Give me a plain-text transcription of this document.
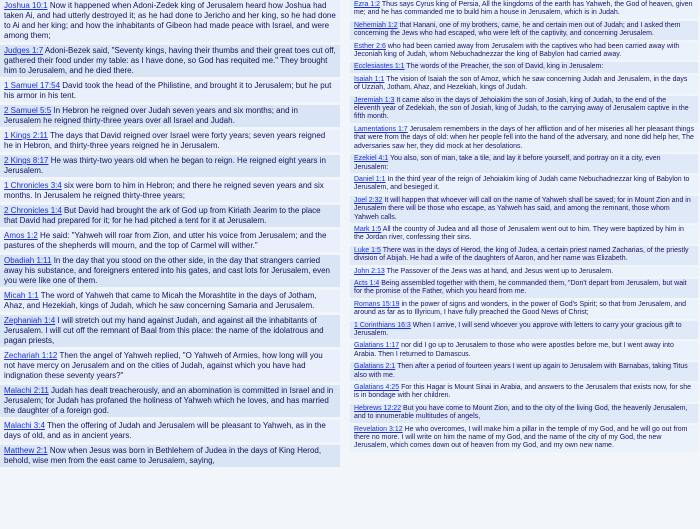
Joshua 10:1 Now it happened when Adoni-Zedek king of Jerusalem heard how Joshua had taken Ai, and had utterly destroyed it; as he had done to Jericho and her king, so he had done to Ai and her king; and how the inhabitants of Gibeon had made peace with Israel, and were among them;
Judges 1:7 Adoni-Bezek said, "Seventy kings, having their thumbs and their great toes cut off, gathered their food under my table: as I have done, so God has requited me." They brought him to Jerusalem, and he died there.
1 Samuel 17:54 David took the head of the Philistine, and brought it to Jerusalem; but he put his armor in his tent.
2 Samuel 5:5 In Hebron he reigned over Judah seven years and six months; and in Jerusalem he reigned thirty-three years over all Israel and Judah.
1 Kings 2:11 The days that David reigned over Israel were forty years; seven years reigned he in Hebron, and thirty-three years reigned he in Jerusalem.
2 Kings 8:17 He was thirty-two years old when he began to reign. He reigned eight years in Jerusalem.
1 Chronicles 3:4 six were born to him in Hebron; and there he reigned seven years and six months. In Jerusalem he reigned thirty-three years;
2 Chronicles 1:4 But David had brought the ark of God up from Kiriath Jearim to the place that David had prepared for it; for he had pitched a tent for it at Jerusalem.
Amos 1:2 He said: "Yahweh will roar from Zion, and utter his voice from Jerusalem; and the pastures of the shepherds will mourn, and the top of Carmel will wither."
Obadiah 1:11 In the day that you stood on the other side, in the day that strangers carried away his substance, and foreigners entered into his gates, and cast lots for Jerusalem, even you were like one of them.
Micah 1:1 The word of Yahweh that came to Micah the Morashtite in the days of Jotham, Ahaz, and Hezekiah, kings of Judah, which he saw concerning Samaria and Jerusalem.
Zephaniah 1:4 I will stretch out my hand against Judah, and against all the inhabitants of Jerusalem. I will cut off the remnant of Baal from this place: the name of the idolatrous and pagan priests,
Zechariah 1:12 Then the angel of Yahweh replied, "O Yahweh of Armies, how long will you not have mercy on Jerusalem and on the cities of Judah, against which you have had indignation these seventy years?"
Malachi 2:11 Judah has dealt treacherously, and an abomination is committed in Israel and in Jerusalem; for Judah has profaned the holiness of Yahweh which he loves, and has married the daughter of a foreign god.
Malachi 3:4 Then the offering of Judah and Jerusalem will be pleasant to Yahweh, as in the days of old, and as in ancient years.
Matthew 2:1 Now when Jesus was born in Bethlehem of Judea in the days of King Herod, behold, wise men from the east came to Jerusalem, saying,
Ezra 1:2 Thus says Cyrus king of Persia, All the kingdoms of the earth has Yahweh, the God of heaven, given me; and he has commanded me to build him a house in Jerusalem, which is in Judah.
Nehemiah 1:2 that Hanani, one of my brothers, came, he and certain men out of Judah; and I asked them concerning the Jews who had escaped, who were left of the captivity, and concerning Jerusalem.
Esther 2:6 who had been carried away from Jerusalem with the captives who had been carried away with Jeconiah king of Judah, whom Nebuchadnezzar the king of Babylon had carried away.
Ecclesiastes 1:1 The words of the Preacher, the son of David, king in Jerusalem:
Isaiah 1:1 The vision of Isaiah the son of Amoz, which he saw concerning Judah and Jerusalem, in the days of Uzziah, Jotham, Ahaz, and Hezekiah, kings of Judah.
Jeremiah 1:3 It came also in the days of Jehoiakim the son of Josiah, king of Judah, to the end of the eleventh year of Zedekiah, the son of Josiah, king of Judah, to the carrying away of Jerusalem captive in the fifth month.
Lamentations 1:7 Jerusalem remembers in the days of her affliction and of her miseries all her pleasant things that were from the days of old: when her people fell into the hand of the adversary, and none did help her, The adversaries saw her, they did mock at her desolations.
Ezekiel 4:1 You also, son of man, take a tile, and lay it before yourself, and portray on it a city, even Jerusalem:
Daniel 1:1 In the third year of the reign of Jehoiakim king of Judah came Nebuchadnezzar king of Babylon to Jerusalem, and besieged it.
Joel 2:32 It will happen that whoever will call on the name of Yahweh shall be saved; for in Mount Zion and in Jerusalem there will be those who escape, as Yahweh has said, and among the remnant, those whom Yahweh calls.
Mark 1:5 All the country of Judea and all those of Jerusalem went out to him. They were baptized by him in the Jordan river, confessing their sins.
Luke 1:5 There was in the days of Herod, the king of Judea, a certain priest named Zacharias, of the priestly division of Abijah. He had a wife of the daughters of Aaron, and her name was Elizabeth.
John 2:13 The Passover of the Jews was at hand, and Jesus went up to Jerusalem.
Acts 1:4 Being assembled together with them, he commanded them, "Don't depart from Jerusalem, but wait for the promise of the Father, which you heard from me.
Romans 15:19 in the power of signs and wonders, in the power of God's Spirit; so that from Jerusalem, and around as far as to Illyricum, I have fully preached the Good News of Christ;
1 Corinthians 16:3 When I arrive, I will send whoever you approve with letters to carry your gracious gift to Jerusalem.
Galatians 1:17 nor did I go up to Jerusalem to those who were apostles before me, but I went away into Arabia. Then I returned to Damascus.
Galatians 2:1 Then after a period of fourteen years I went up again to Jerusalem with Barnabas, taking Titus also with me.
Galatians 4:25 For this Hagar is Mount Sinai in Arabia, and answers to the Jerusalem that exists now, for she is in bondage with her children.
Hebrews 12:22 But you have come to Mount Zion, and to the city of the living God, the heavenly Jerusalem, and to innumerable multitudes of angels,
Revelation 3:12 He who overcomes, I will make him a pillar in the temple of my God, and he will go out from there no more. I will write on him the name of my God, and the name of the city of my God, the new Jerusalem, which comes down out of heaven from my God, and my own new name.
